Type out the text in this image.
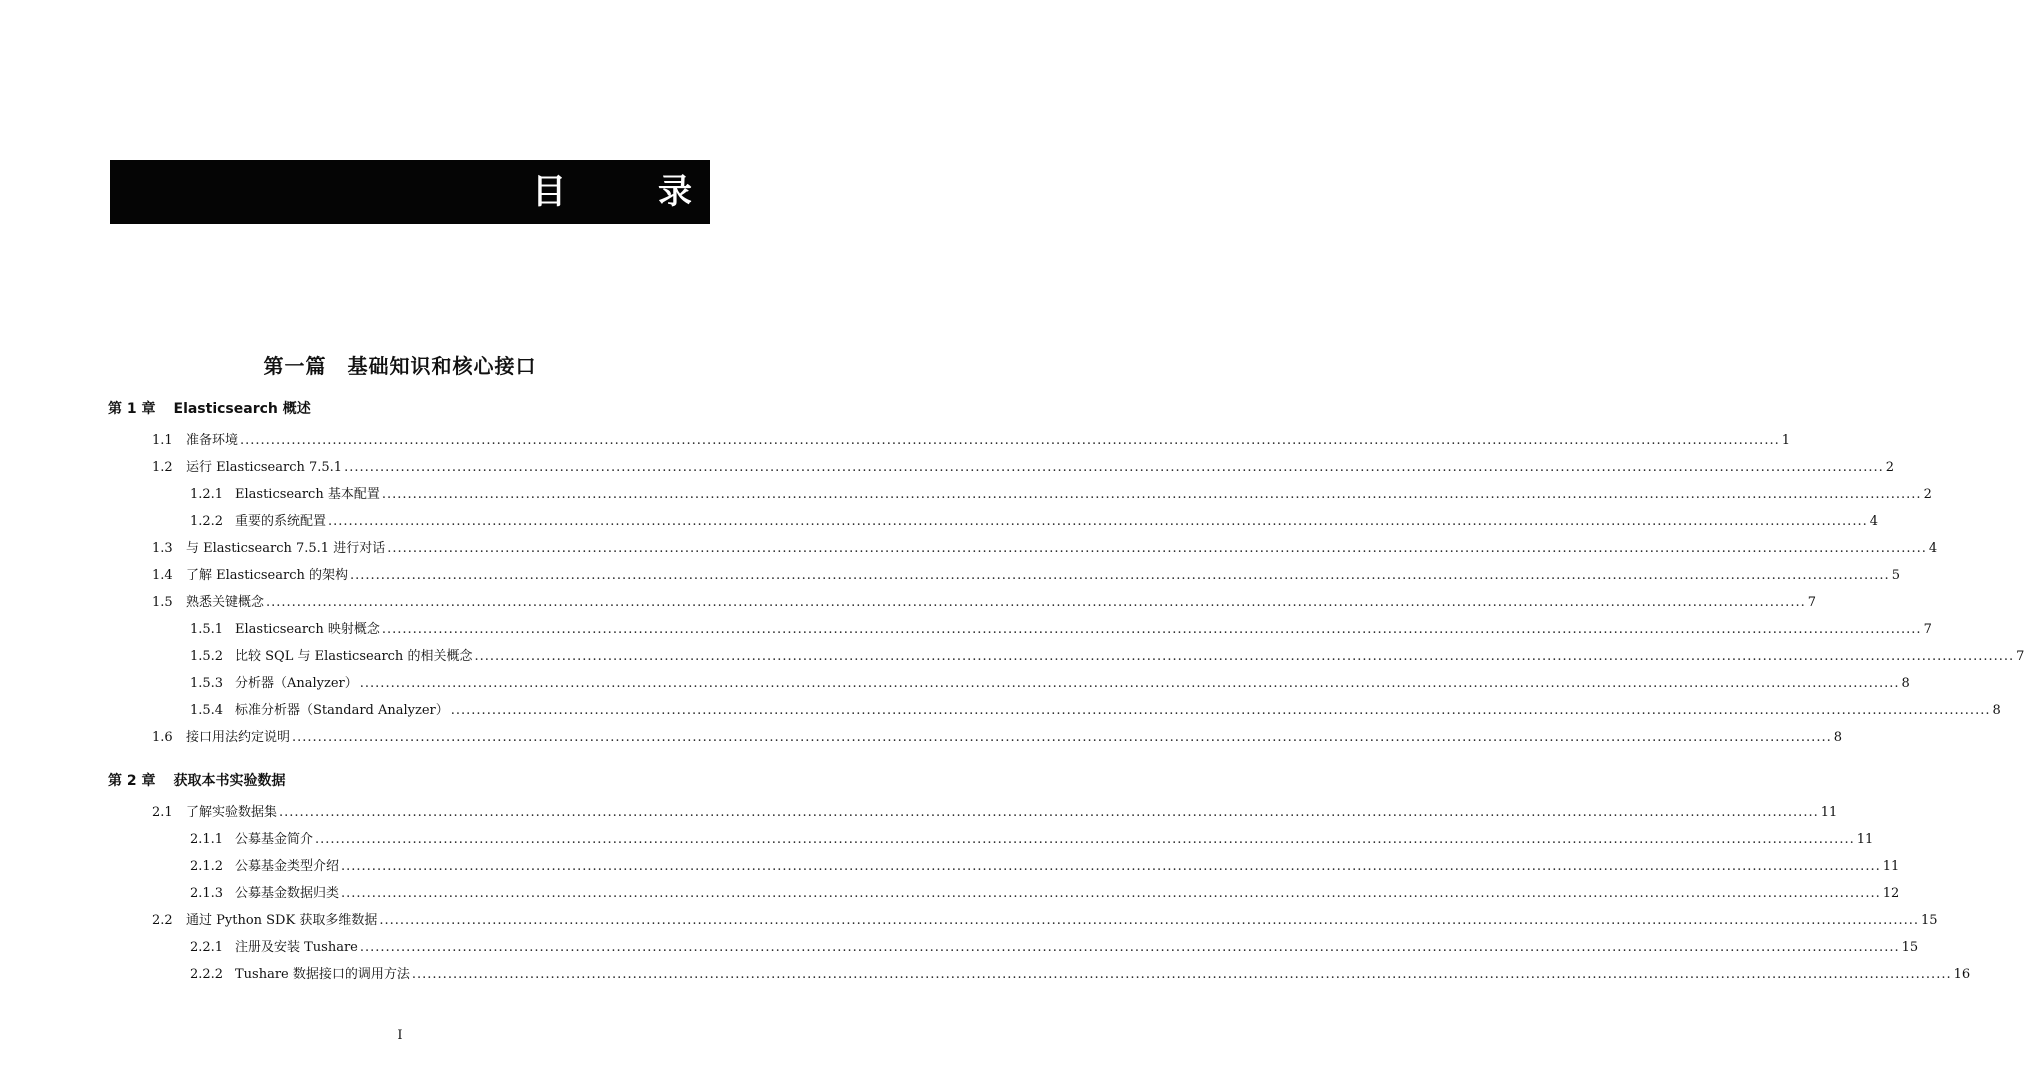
目 录
第一篇　基础知识和核心接口
第 1 章 Elasticsearch 概述
第 2 章 获取本书实验数据
1.1	准备环境 ............................................................................................................................................................................................................................................................................................................ 1
1.2	运行 Elasticsearch 7.5.1 ............................................................................................................................................................................................................................................................................................................ 2
1.2.1 Elasticsearch 基本配置 ............................................................................................................................................................................................................................................................................................................ 2
1.2.2 重要的系统配置 ............................................................................................................................................................................................................................................................................................................ 4
1.3	与 Elasticsearch 7.5.1 进行对话 ............................................................................................................................................................................................................................................................................................................ 4
1.4	了解 Elasticsearch 的架构 ............................................................................................................................................................................................................................................................................................................ 5
1.5	熟悉关键概念 ............................................................................................................................................................................................................................................................................................................ 7
1.5.1 Elasticsearch 映射概念 ............................................................................................................................................................................................................................................................................................................ 7
1.5.2 比较 SQL 与 Elasticsearch 的相关概念 ............................................................................................................................................................................................................................................................................................................ 7
1.5.3 分析器（Analyzer） ............................................................................................................................................................................................................................................................................................................ 8
1.5.4 标准分析器（Standard Analyzer） ............................................................................................................................................................................................................................................................................................................ 8
1.6	接口用法约定说明 ............................................................................................................................................................................................................................................................................................................ 8
2.1	了解实验数据集 ............................................................................................................................................................................................................................................................................................................ 11
2.1.1 公募基金简介 ............................................................................................................................................................................................................................................................................................................ 11
2.1.2 公募基金类型介绍 ............................................................................................................................................................................................................................................................................................................ 11
2.1.3 公募基金数据归类 ............................................................................................................................................................................................................................................................................................................ 12
2.2	通过 Python SDK 获取多维数据 ............................................................................................................................................................................................................................................................................................................ 15
2.2.1 注册及安装 Tushare ............................................................................................................................................................................................................................................................................................................ 15
2.2.2 Tushare 数据接口的调用方法 ............................................................................................................................................................................................................................................................................................................ 16
I
